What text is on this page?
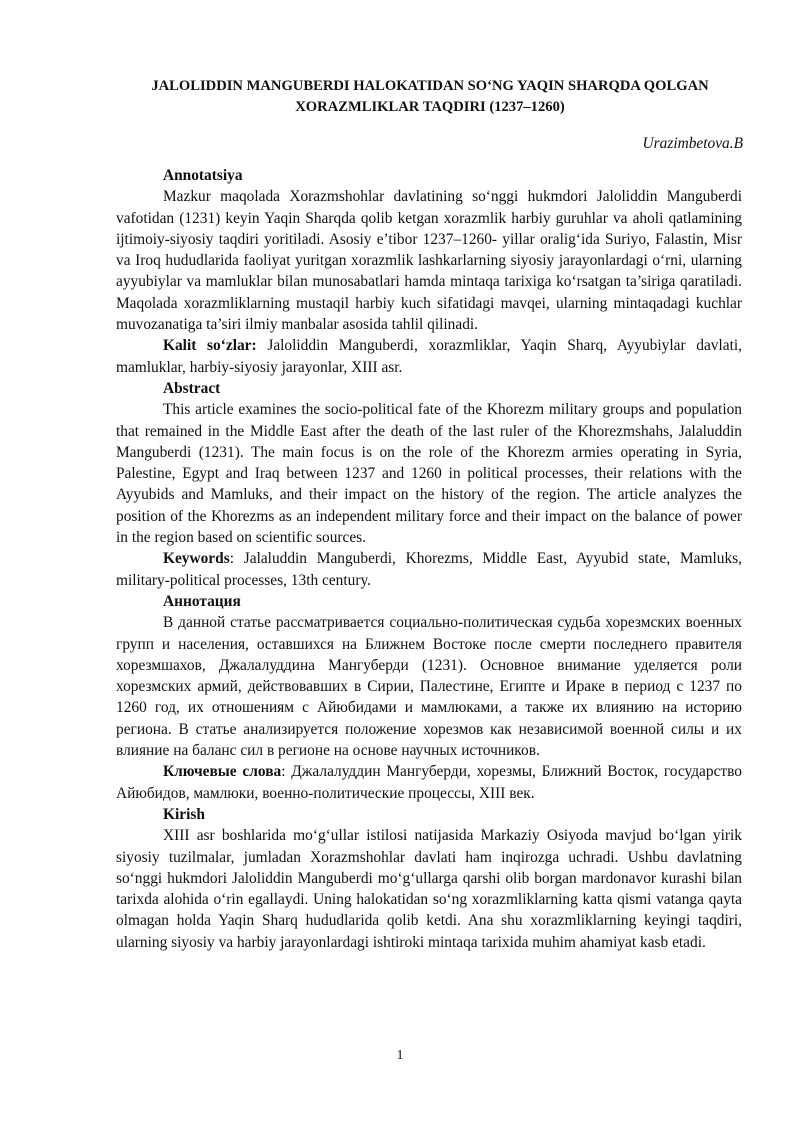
JALOLIDDIN MANGUBERDI HALOKATIDAN SO‘NG YAQIN SHARQDA QOLGAN XORAZMLIKLAR TAQDIRI (1237–1260)

Urazimbetova.B

Annotatsiya

Mazkur maqolada Xorazmshohlar davlatining so‘nggi hukmdori Jaloliddin Manguberdi vafotidan (1231) keyin Yaqin Sharqda qolib ketgan xorazmlik harbiy guruhlar va aholi qatlamining ijtimoiy-siyosiy taqdiri yoritiladi. Asosiy e’tibor 1237–1260- yillar oralig‘ida Suriyo, Falastin, Misr va Iroq hududlarida faoliyat yuritgan xorazmlik lashkarlarning siyosiy jarayonlardagi o‘rni, ularning ayyubiylar va mamluklar bilan munosabatlari hamda mintaqa tarixiga ko‘rsatgan ta’siriga qaratiladi. Maqolada xorazmliklarning mustaqil harbiy kuch sifatidagi mavqei, ularning mintaqadagi kuchlar muvozanatiga ta’siri ilmiy manbalar asosida tahlil qilinadi.

Kalit so‘zlar: Jaloliddin Manguberdi, xorazmliklar, Yaqin Sharq, Ayyubiylar davlati, mamluklar, harbiy-siyosiy jarayonlar, XIII asr.

Abstract

This article examines the socio-political fate of the Khorezm military groups and population that remained in the Middle East after the death of the last ruler of the Khorezmshahs, Jalaluddin Manguberdi (1231). The main focus is on the role of the Khorezm armies operating in Syria, Palestine, Egypt and Iraq between 1237 and 1260 in political processes, their relations with the Ayyubids and Mamluks, and their impact on the history of the region. The article analyzes the position of the Khorezms as an independent military force and their impact on the balance of power in the region based on scientific sources.

Keywords: Jalaluddin Manguberdi, Khorezms, Middle East, Ayyubid state, Mamluks, military-political processes, 13th century.

Аннотация

В данной статье рассматривается социально-политическая судьба хорезмских военных групп и населения, оставшихся на Ближнем Востоке после смерти последнего правителя хорезмшахов, Джалалуддина Мангуберди (1231). Основное внимание уделяется роли хорезмских армий, действовавших в Сирии, Палестине, Египте и Ираке в период с 1237 по 1260 год, их отношениям с Айюбидами и мамлюками, а также их влиянию на историю региона. В статье анализируется положение хорезмов как независимой военной силы и их влияние на баланс сил в регионе на основе научных источников.

Ключевые слова: Джалалуддин Мангуберди, хорезмы, Ближний Восток, государство Айюбидов, мамлюки, военно-политические процессы, XIII век.

Kirish

XIII asr boshlarida mo‘g‘ullar istilosi natijasida Markaziy Osiyoda mavjud bo‘lgan yirik siyosiy tuzilmalar, jumladan Xorazmshohlar davlati ham inqirozga uchradi. Ushbu davlatning so‘nggi hukmdori Jaloliddin Manguberdi mo‘g‘ullarga qarshi olib borgan mardonavor kurashi bilan tarixda alohida o‘rin egallaydi. Uning halokatidan so‘ng xorazmliklarning katta qismi vatanga qayta olmagan holda Yaqin Sharq hududlarida qolib ketdi. Ana shu xorazmliklarning keyingi taqdiri, ularning siyosiy va harbiy jarayonlardagi ishtiroki mintaqa tarixida muhim ahamiyat kasb etadi.

1
